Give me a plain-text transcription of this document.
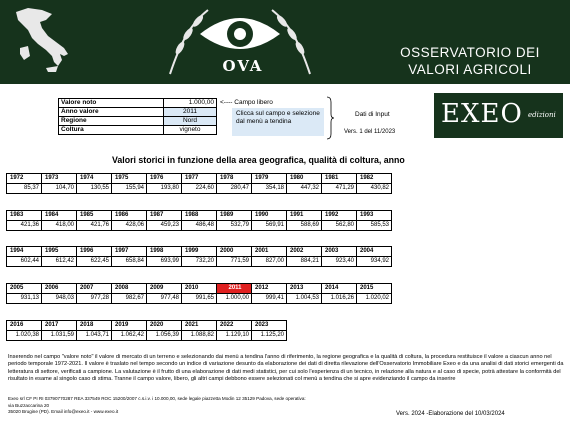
OVA
OSSERVATORIO DEI
VALORI AGRICOLI
Valore noto	1.000,00
Anno valore	2011
Regione	Nord
Coltura	vigneto
<---- Campo libero
Clicca sul campo e selezione dal menù a tendina
Dati di Input
Vers. 1 del 11/2023
EXEO edizioni
Valori storici in funzione della area geografica, qualità di coltura, anno
1972	1973	1974	1975	1976	1977	1978	1979	1980	1981	1982
85,37	104,70	130,55	155,94	193,80	224,60	280,47	354,18	447,32	471,29	430,82
1983	1984	1985	1986	1987	1988	1989	1990	1991	1992	1993
421,36	418,00	421,76	428,06	459,23	486,48	532,79	569,91	588,69	562,80	585,53
1994	1995	1996	1997	1998	1999	2000	2001	2002	2003	2004
602,44	612,42	622,45	658,84	693,99	732,20	771,59	827,00	884,21	923,40	934,92
2005	2006	2007	2008	2009	2010	2011	2012	2013	2014	2015
931,13	948,03	977,28	982,67	977,48	991,65	1.000,00	999,41	1.004,53	1.016,26	1.020,02
2016	2017	2018	2019	2020	2021	2022	2023
1.020,38	1.031,59	1.043,71	1.062,42	1.056,39	1.088,82	1.129,10	1.125,20
Inserendo nel campo "valore noto" il valore di mercato di un terreno e selezionando dai menù a tendina l'anno di riferimento, la regione geografica e la qualità di coltura, la procedura restituisce il valore a ciascun anno nel periodo temporale 1972-2021. Il valore è traslato nel tempo secondo un indice di variazione desunto da elaborazione dei dati di diretta rilevazione dell'Osservatorio Immobiliare Exeo e da una analisi di dati storici emergenti da letteratura di settore, verificati a campione. La valutazione è il frutto di una elaborazione di dati medi statistici, per cui solo l'esperienza di un tecnico, in relazione alla natura e al caso di specie, potrà attestare la conformità del risultato in esame al singolo caso di stima. Tranne il campo valore, libero, gli altri campi debbono essere selezionati col menù a tendina che si apre evidenziando il campo da inserire
Exeo srl CF PI RI 03790770287 REA 337549 ROC 15200/2007 c.s.i.v. i 10.000,00, sede legale piazzetta Modin 12 35129 Padova, sede operativa: via Buzzaccarina 20
35020 Brugine (PD). Email info@exeo.it - www.exeo.it	Vers. 2024 -Elaborazione del 10/03/2024
